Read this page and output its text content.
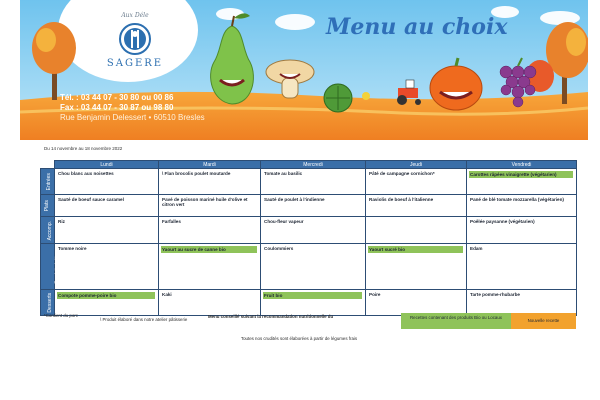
Aux Déle
SAGERE
Menu au choix
Tél. : 03 44 07 - 30 80 ou 00 86
Fax : 03 44 07 - 30 87 ou 98 80
Rue Benjamin Delessert • 60510 Bresles
Du 14 novembre au 18 novembre 2022
	Lundi	Mardi	Mercredi	Jeudi	Vendredi
Entrées	Chou blanc aux noisettes	\ Flan brocolis poulet moutarde	Tomate au basilic	Pâté de campagne cornichon*	Carottes râpées vinaigrette (végétarien)

Plats	Sauté de boeuf sauce caramel	Pavé de poisson mariné huile d'olive et citron vert	Sauté de poulet à l'indienne	Raviolis de boeuf à l'italienne	Pané de blé tomate mozzarella (végétarien)
Accomp.	Riz	Farfalles	Chou-fleur vapeur		Poêlée paysanne (végétarien)
Produits laitiers	Tomme noire	Yaourt au sucre de canne bio	Coulommiers	Yaourt sucré bio	Edam
Desserts	Compote pomme-poire bio	Kaki	Fruit bio	Poire	Tarte pomme-rhubarbe
*Contient du porc
\ Produit élaboré dans notre atelier pâtisserie
Menu conseillé suivant la recommandation nutritionnelle du	Recettes contenant des produits Bio ou Locaux
Nouvelle recette
Toutes nos crudités sont élaborées à partir de légumes frais
